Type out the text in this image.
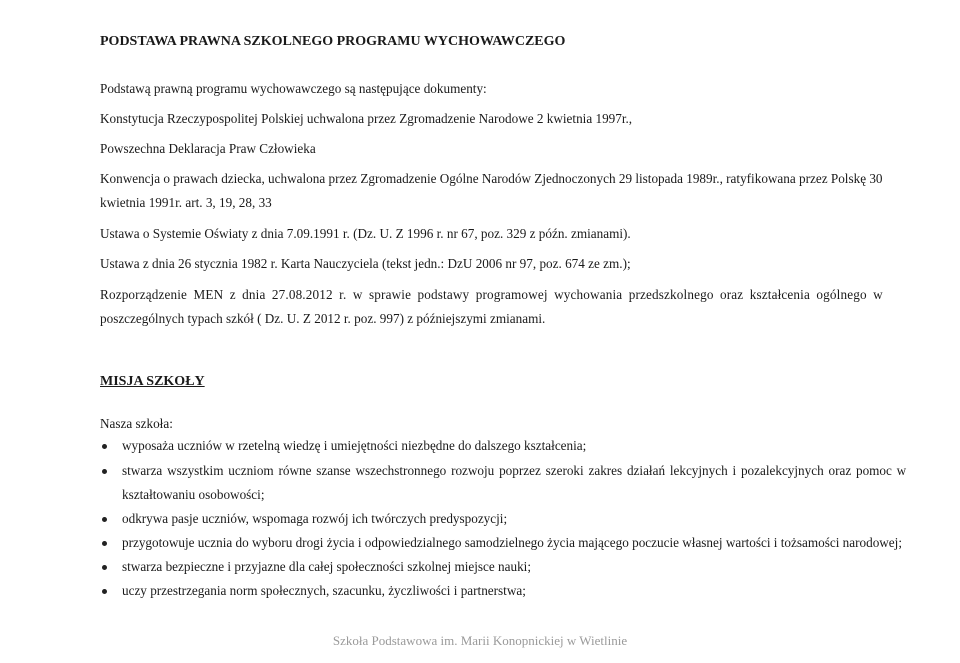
PODSTAWA PRAWNA SZKOLNEGO PROGRAMU WYCHOWAWCZEGO
Podstawą prawną programu wychowawczego są następujące dokumenty:
Konstytucja Rzeczypospolitej Polskiej uchwalona przez Zgromadzenie Narodowe 2 kwietnia 1997r.,
Powszechna Deklaracja Praw Człowieka
Konwencja o prawach dziecka, uchwalona przez Zgromadzenie Ogólne Narodów Zjednoczonych 29 listopada 1989r., ratyfikowana przez Polskę 30
kwietnia 1991r. art. 3, 19, 28, 33
Ustawa o Systemie Oświaty z dnia 7.09.1991 r. (Dz. U. Z 1996 r. nr 67, poz. 329 z późn. zmianami).
Ustawa z dnia 26 stycznia 1982 r. Karta Nauczyciela (tekst jedn.: DzU 2006 nr 97, poz. 674 ze zm.);
Rozporządzenie MEN z dnia 27.08.2012 r. w sprawie podstawy programowej wychowania przedszkolnego oraz kształcenia ogólnego w
poszczególnych typach szkół ( Dz. U. Z 2012 r. poz. 997) z późniejszymi zmianami.
MISJA SZKOŁY
Nasza szkoła:
wyposaża uczniów w rzetelną wiedzę i umiejętności niezbędne do dalszego kształcenia;
stwarza wszystkim uczniom równe szanse wszechstronnego rozwoju poprzez szeroki zakres działań lekcyjnych i pozalekcyjnych oraz pomoc w
kształtowaniu osobowości;
odkrywa pasje uczniów, wspomaga rozwój ich twórczych predyspozycji;
przygotowuje ucznia do wyboru drogi życia i odpowiedzialnego samodzielnego życia mającego poczucie własnej wartości i tożsamości narodowej;
stwarza bezpieczne i przyjazne dla całej społeczności szkolnej miejsce nauki;
uczy przestrzegania norm społecznych, szacunku, życzliwości i partnerstwa;
Szkoła Podstawowa im. Marii Konopnickiej w Wietlinie
